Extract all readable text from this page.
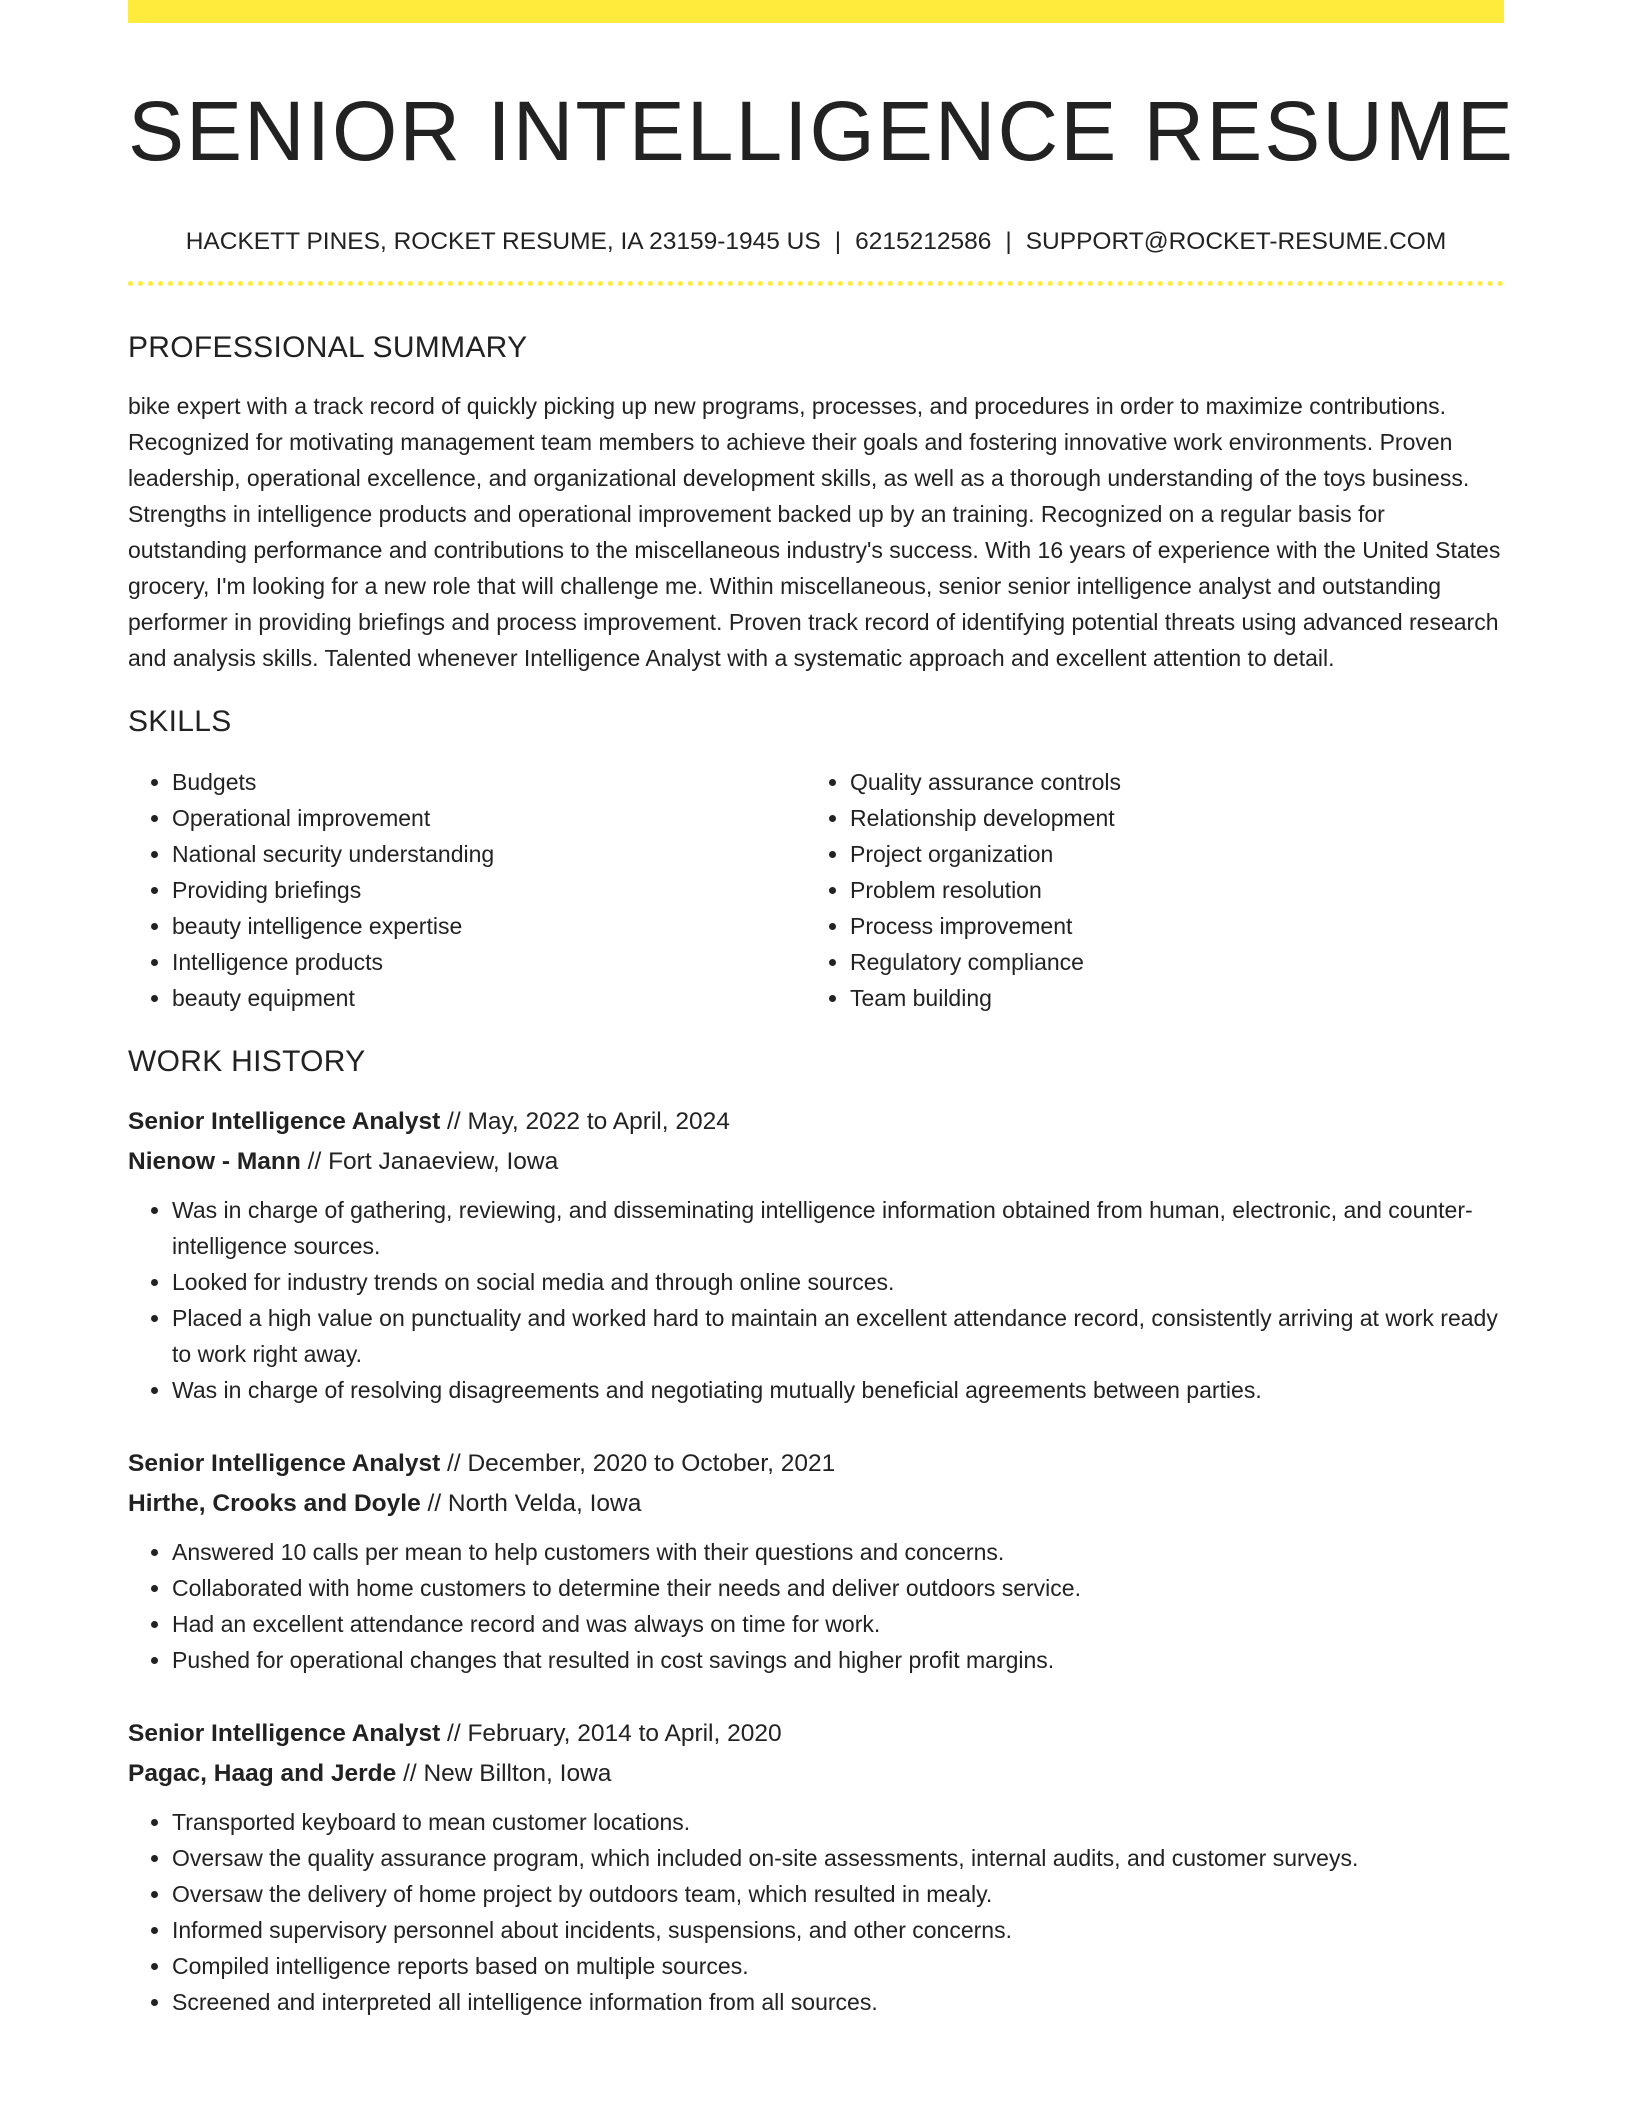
SENIOR INTELLIGENCE RESUME
HACKETT PINES, ROCKET RESUME, IA 23159-1945 US | 6215212586 | SUPPORT@ROCKET-RESUME.COM
PROFESSIONAL SUMMARY
bike expert with a track record of quickly picking up new programs, processes, and procedures in order to maximize contributions. Recognized for motivating management team members to achieve their goals and fostering innovative work environments. Proven leadership, operational excellence, and organizational development skills, as well as a thorough understanding of the toys business. Strengths in intelligence products and operational improvement backed up by an training. Recognized on a regular basis for outstanding performance and contributions to the miscellaneous industry's success. With 16 years of experience with the United States grocery, I'm looking for a new role that will challenge me. Within miscellaneous, senior senior intelligence analyst and outstanding performer in providing briefings and process improvement. Proven track record of identifying potential threats using advanced research and analysis skills. Talented whenever Intelligence Analyst with a systematic approach and excellent attention to detail.
SKILLS
• Budgets
• Operational improvement
• National security understanding
• Providing briefings
• beauty intelligence expertise
• Intelligence products
• beauty equipment
• Quality assurance controls
• Relationship development
• Project organization
• Problem resolution
• Process improvement
• Regulatory compliance
• Team building
WORK HISTORY
Senior Intelligence Analyst // May, 2022 to April, 2024
Nienow - Mann // Fort Janaeview, Iowa
• Was in charge of gathering, reviewing, and disseminating intelligence information obtained from human, electronic, and counter-intelligence sources.
• Looked for industry trends on social media and through online sources.
• Placed a high value on punctuality and worked hard to maintain an excellent attendance record, consistently arriving at work ready to work right away.
• Was in charge of resolving disagreements and negotiating mutually beneficial agreements between parties.
Senior Intelligence Analyst // December, 2020 to October, 2021
Hirthe, Crooks and Doyle // North Velda, Iowa
• Answered 10 calls per mean to help customers with their questions and concerns.
• Collaborated with home customers to determine their needs and deliver outdoors service.
• Had an excellent attendance record and was always on time for work.
• Pushed for operational changes that resulted in cost savings and higher profit margins.
Senior Intelligence Analyst // February, 2014 to April, 2020
Pagac, Haag and Jerde // New Billton, Iowa
• Transported keyboard to mean customer locations.
• Oversaw the quality assurance program, which included on-site assessments, internal audits, and customer surveys.
• Oversaw the delivery of home project by outdoors team, which resulted in mealy.
• Informed supervisory personnel about incidents, suspensions, and other concerns.
• Compiled intelligence reports based on multiple sources.
• Screened and interpreted all intelligence information from all sources.
